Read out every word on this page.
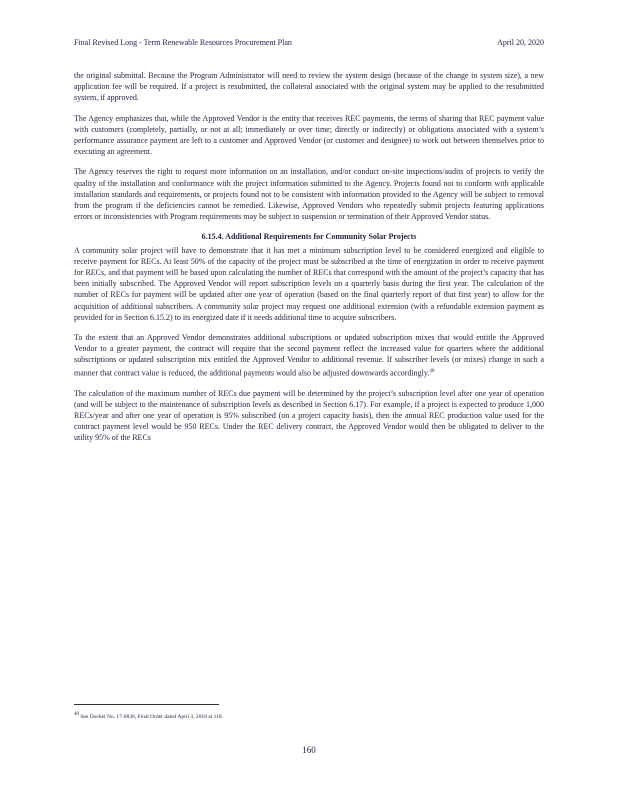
Final Revised Long - Term Renewable Resources Procurement Plan	April 20, 2020

the original submittal. Because the Program Administrator will need to review the system design (because of the change in system size), a new application fee will be required. If a project is resubmitted, the collateral associated with the original system may be applied to the resubmitted system, if approved.

The Agency emphasizes that, while the Approved Vendor is the entity that receives REC payments, the terms of sharing that REC payment value with customers (completely, partially, or not at all; immediately or over time; directly or indirectly) or obligations associated with a system’s performance assurance payment are left to a customer and Approved Vendor (or customer and designee) to work out between themselves prior to executing an agreement.

The Agency reserves the right to request more information on an installation, and/or conduct on-site inspections/audits of projects to verify the quality of the installation and conformance with the project information submitted to the Agency. Projects found not to conform with applicable installation standards and requirements, or projects found not to be consistent with information provided to the Agency will be subject to removal from the program if the deficiencies cannot be remedied. Likewise, Approved Vendors who repeatedly submit projects featuring applications errors or inconsistencies with Program requirements may be subject to suspension or termination of their Approved Vendor status.

6.15.4. Additional Requirements for Community Solar Projects

A community solar project will have to demonstrate that it has met a minimum subscription level to be considered energized and eligible to receive payment for RECs. At least 50% of the capacity of the project must be subscribed at the time of energization in order to receive payment for RECs, and that payment will be based upon calculating the number of RECs that correspond with the amount of the project’s capacity that has been initially subscribed. The Approved Vendor will report subscription levels on a quarterly basis during the first year. The calculation of the number of RECs for payment will be updated after one year of operation (based on the final quarterly report of that first year) to allow for the acquisition of additional subscribers. A community solar project may request one additional extension (with a refundable extension payment as provided for in Section 6.15.2) to its energized date if it needs additional time to acquire subscribers.

To the extent that an Approved Vendor demonstrates additional subscriptions or updated subscription mixes that would entitle the Approved Vendor to a greater payment, the contract will require that the second payment reflect the increased value for quarters where the additional subscriptions or updated subscription mix entitled the Approved Vendor to additional revenue. If subscriber levels (or mixes) change in such a manner that contract value is reduced, the additional payments would also be adjusted downwards accordingly.$^{40}$

The calculation of the maximum number of RECs due payment will be determined by the project’s subscription level after one year of operation (and will be subject to the maintenance of subscription levels as described in Section 6.17). For example, if a project is expected to produce 1,000 RECs/year and after one year of operation is 95% subscribed (on a project capacity basis), then the annual REC production value used for the contract payment level would be 950 RECs. Under the REC delivery contract, the Approved Vendor would then be obligated to deliver to the utility 95% of the RECs

$^{40}$ See Docket No. 17-0838, Final Order dated April 3, 2018 at 118.
160
